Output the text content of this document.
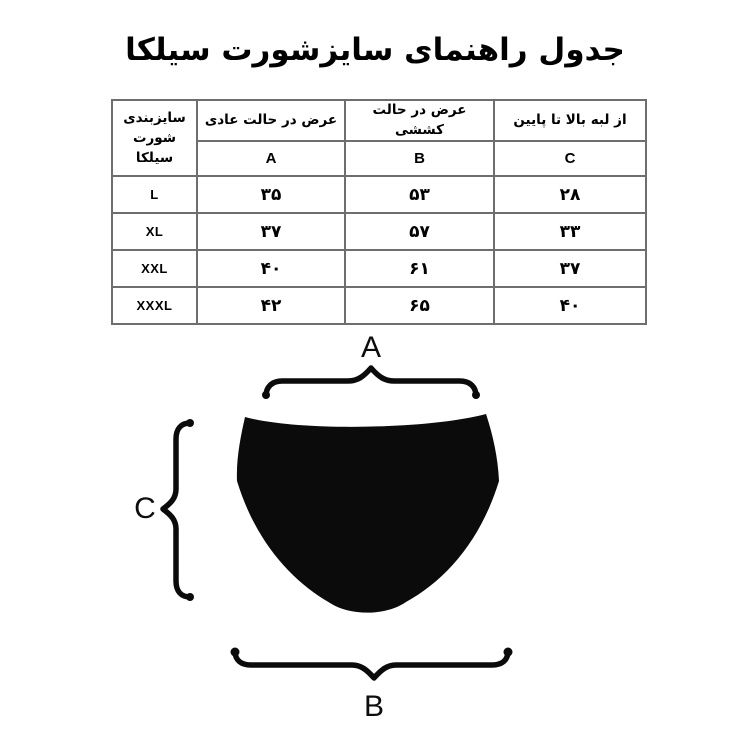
جدول راهنمای سایزشورت سیلکا
سایزبندی شورت سیلکا	عرض در حالت عادی	عرض در حالت کششی	از لبه بالا تا پایین
	A	B	C
L	۳۵	۵۳	۲۸
XL	۳۷	۵۷	۳۳
XXL	۴۰	۶۱	۳۷
XXXL	۴۲	۶۵	۴۰
A
B
C
